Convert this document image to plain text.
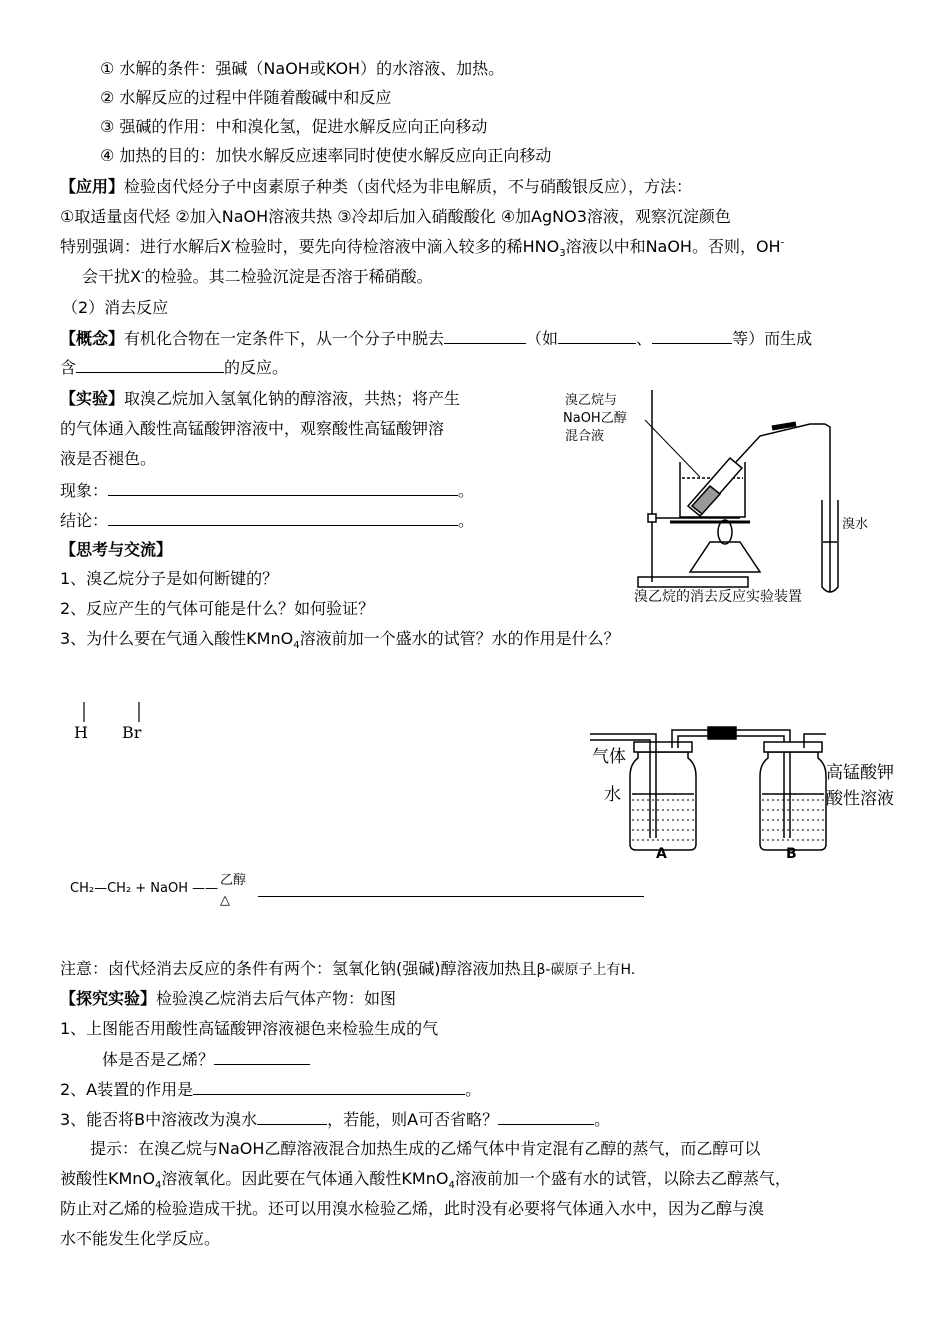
① 水解的条件：强碱（NaOH或KOH）的水溶液、加热。
② 水解反应的过程中伴随着酸碱中和反应
③ 强碱的作用：中和溴化氢，促进水解反应向正向移动
④ 加热的目的：加快水解反应速率同时使使水解反应向正向移动
【应用】检验卤代烃分子中卤素原子种类（卤代烃为非电解质，不与硝酸银反应），方法：
①取适量卤代烃 ②加入NaOH溶液共热 ③冷却后加入硝酸酸化 ④加AgNO3溶液，观察沉淀颜色
特别强调：进行水解后X-检验时，要先向待检溶液中滴入较多的稀$HNO_3$溶液以中和NaOH。否则，OH-
会干扰X-的检验。其二检验沉淀是否溶于稀硝酸。
（2）消去反应
【概念】有机化合物在一定条件下，从一个分子中脱去	（如	、	等）而生成
含	的反应。
【实验】取溴乙烷加入氢氧化钠的醇溶液，共热；将产生
的气体通入酸性高锰酸钾溶液中，观察酸性高锰酸钾溶
液是否褪色。
现象：	。
结论：	。
【思考与交流】
1、溴乙烷分子是如何断键的？
2、反应产生的气体可能是什么？如何验证？
3、为什么要在气通入酸性KMnO$_4$溶液前加一个盛水的试管？水的作用是什么？
溴乙烷与
NaOH乙醇
混合液
溴水
溴乙烷的消去反应实验装置
H Br
气体
水
高锰酸钾
酸性溶液
A	B
CH₂—CH₂ + NaOH ——
乙醇
△
注意：卤代烃消去反应的条件有两个：氢氧化钠(强碱)醇溶液加热且β-碳原子上有H.
【探究实验】检验溴乙烷消去后气体产物：如图
1、上图能否用酸性高锰酸钾溶液褪色来检验生成的气
体是否是乙烯？
2、A装置的作用是	。
3、能否将B中溶液改为溴水	，若能，则A可否省略？	。
提示：在溴乙烷与NaOH乙醇溶液混合加热生成的乙烯气体中肯定混有乙醇的蒸气，而乙醇可以
被酸性KMnO$_4$溶液氧化。因此要在气体通入酸性KMnO$_4$溶液前加一个盛有水的试管，以除去乙醇蒸气，
防止对乙烯的检验造成干扰。还可以用溴水检验乙烯，此时没有必要将气体通入水中，因为乙醇与溴
水不能发生化学反应。
